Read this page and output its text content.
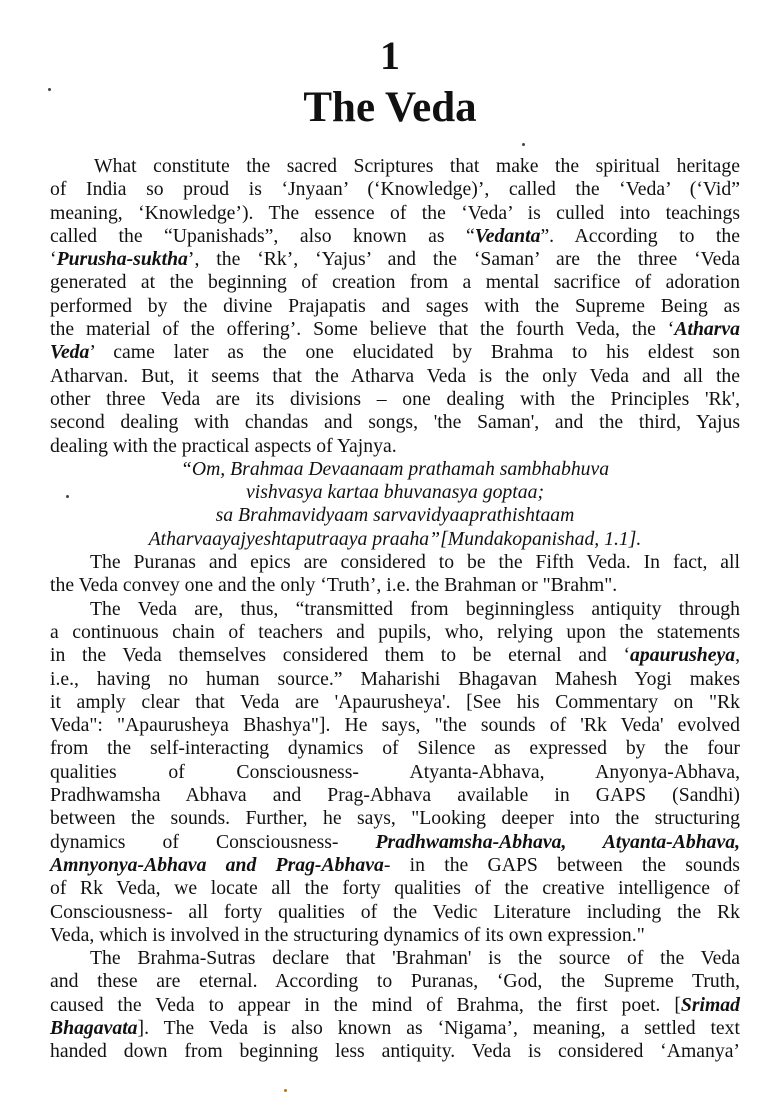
1
The Veda
What constitute the sacred Scriptures that make the spiritual heritage
of India so proud is ‘Jnyaan’ (‘Knowledge)’, called the ‘Veda’ (‘Vid”
meaning, ‘Knowledge’). The essence of the ‘Veda’ is culled into teachings
called the “Upanishads”, also known as “Vedanta”. According to the
‘Purusha-suktha’, the ‘Rk’, ‘Yajus’ and the ‘Saman’ are the three ‘Veda
generated at the beginning of creation from a mental sacrifice of adoration
performed by the divine Prajapatis and sages with the Supreme Being as
the material of the offering’. Some believe that the fourth Veda, the ‘Atharva
Veda’ came later as the one elucidated by Brahma to his eldest son
Atharvan. But, it seems that the Atharva Veda is the only Veda and all the
other three Veda are its divisions – one dealing with the Principles 'Rk',
second dealing with chandas and songs, 'the Saman', and the third, Yajus
dealing with the practical aspects of Yajnya.
“Om, Brahmaa Devaanaam prathamah sambhabhuva
vishvasya kartaa bhuvanasya goptaa;
sa Brahmavidyaam sarvavidyaaprathishtaam
Atharvaayajyeshtaputraaya praaha”[Mundakopanishad, 1.1].
The Puranas and epics are considered to be the Fifth Veda. In fact, all
the Veda convey one and the only ‘Truth’, i.e. the Brahman or "Brahm".
The Veda are, thus, “transmitted from beginningless antiquity through
a continuous chain of teachers and pupils, who, relying upon the statements
in the Veda themselves considered them to be eternal and ‘apaurusheya,
i.e., having no human source.” Maharishi Bhagavan Mahesh Yogi makes
it amply clear that Veda are 'Apaurusheya'. [See his Commentary on "Rk
Veda": "Apaurusheya Bhashya"]. He says, "the sounds of 'Rk Veda' evolved
from the self-interacting dynamics of Silence as expressed by the four
qualities of Consciousness- Atyanta-Abhava, Anyonya-Abhava,
Pradhwamsha Abhava and Prag-Abhava available in GAPS (Sandhi)
between the sounds. Further, he says, "Looking deeper into the structuring
dynamics of Consciousness- Pradhwamsha-Abhava, Atyanta-Abhava,
Amnyonya-Abhava and Prag-Abhava- in the GAPS between the sounds
of Rk Veda, we locate all the forty qualities of the creative intelligence of
Consciousness- all forty qualities of the Vedic Literature including the Rk
Veda, which is involved in the structuring dynamics of its own expression."
The Brahma-Sutras declare that 'Brahman' is the source of the Veda
and these are eternal. According to Puranas, ‘God, the Supreme Truth,
caused the Veda to appear in the mind of Brahma, the first poet. [Srimad
Bhagavata]. The Veda is also known as ‘Nigama’, meaning, a settled text
handed down from beginning less antiquity. Veda is considered ‘Amanya’
